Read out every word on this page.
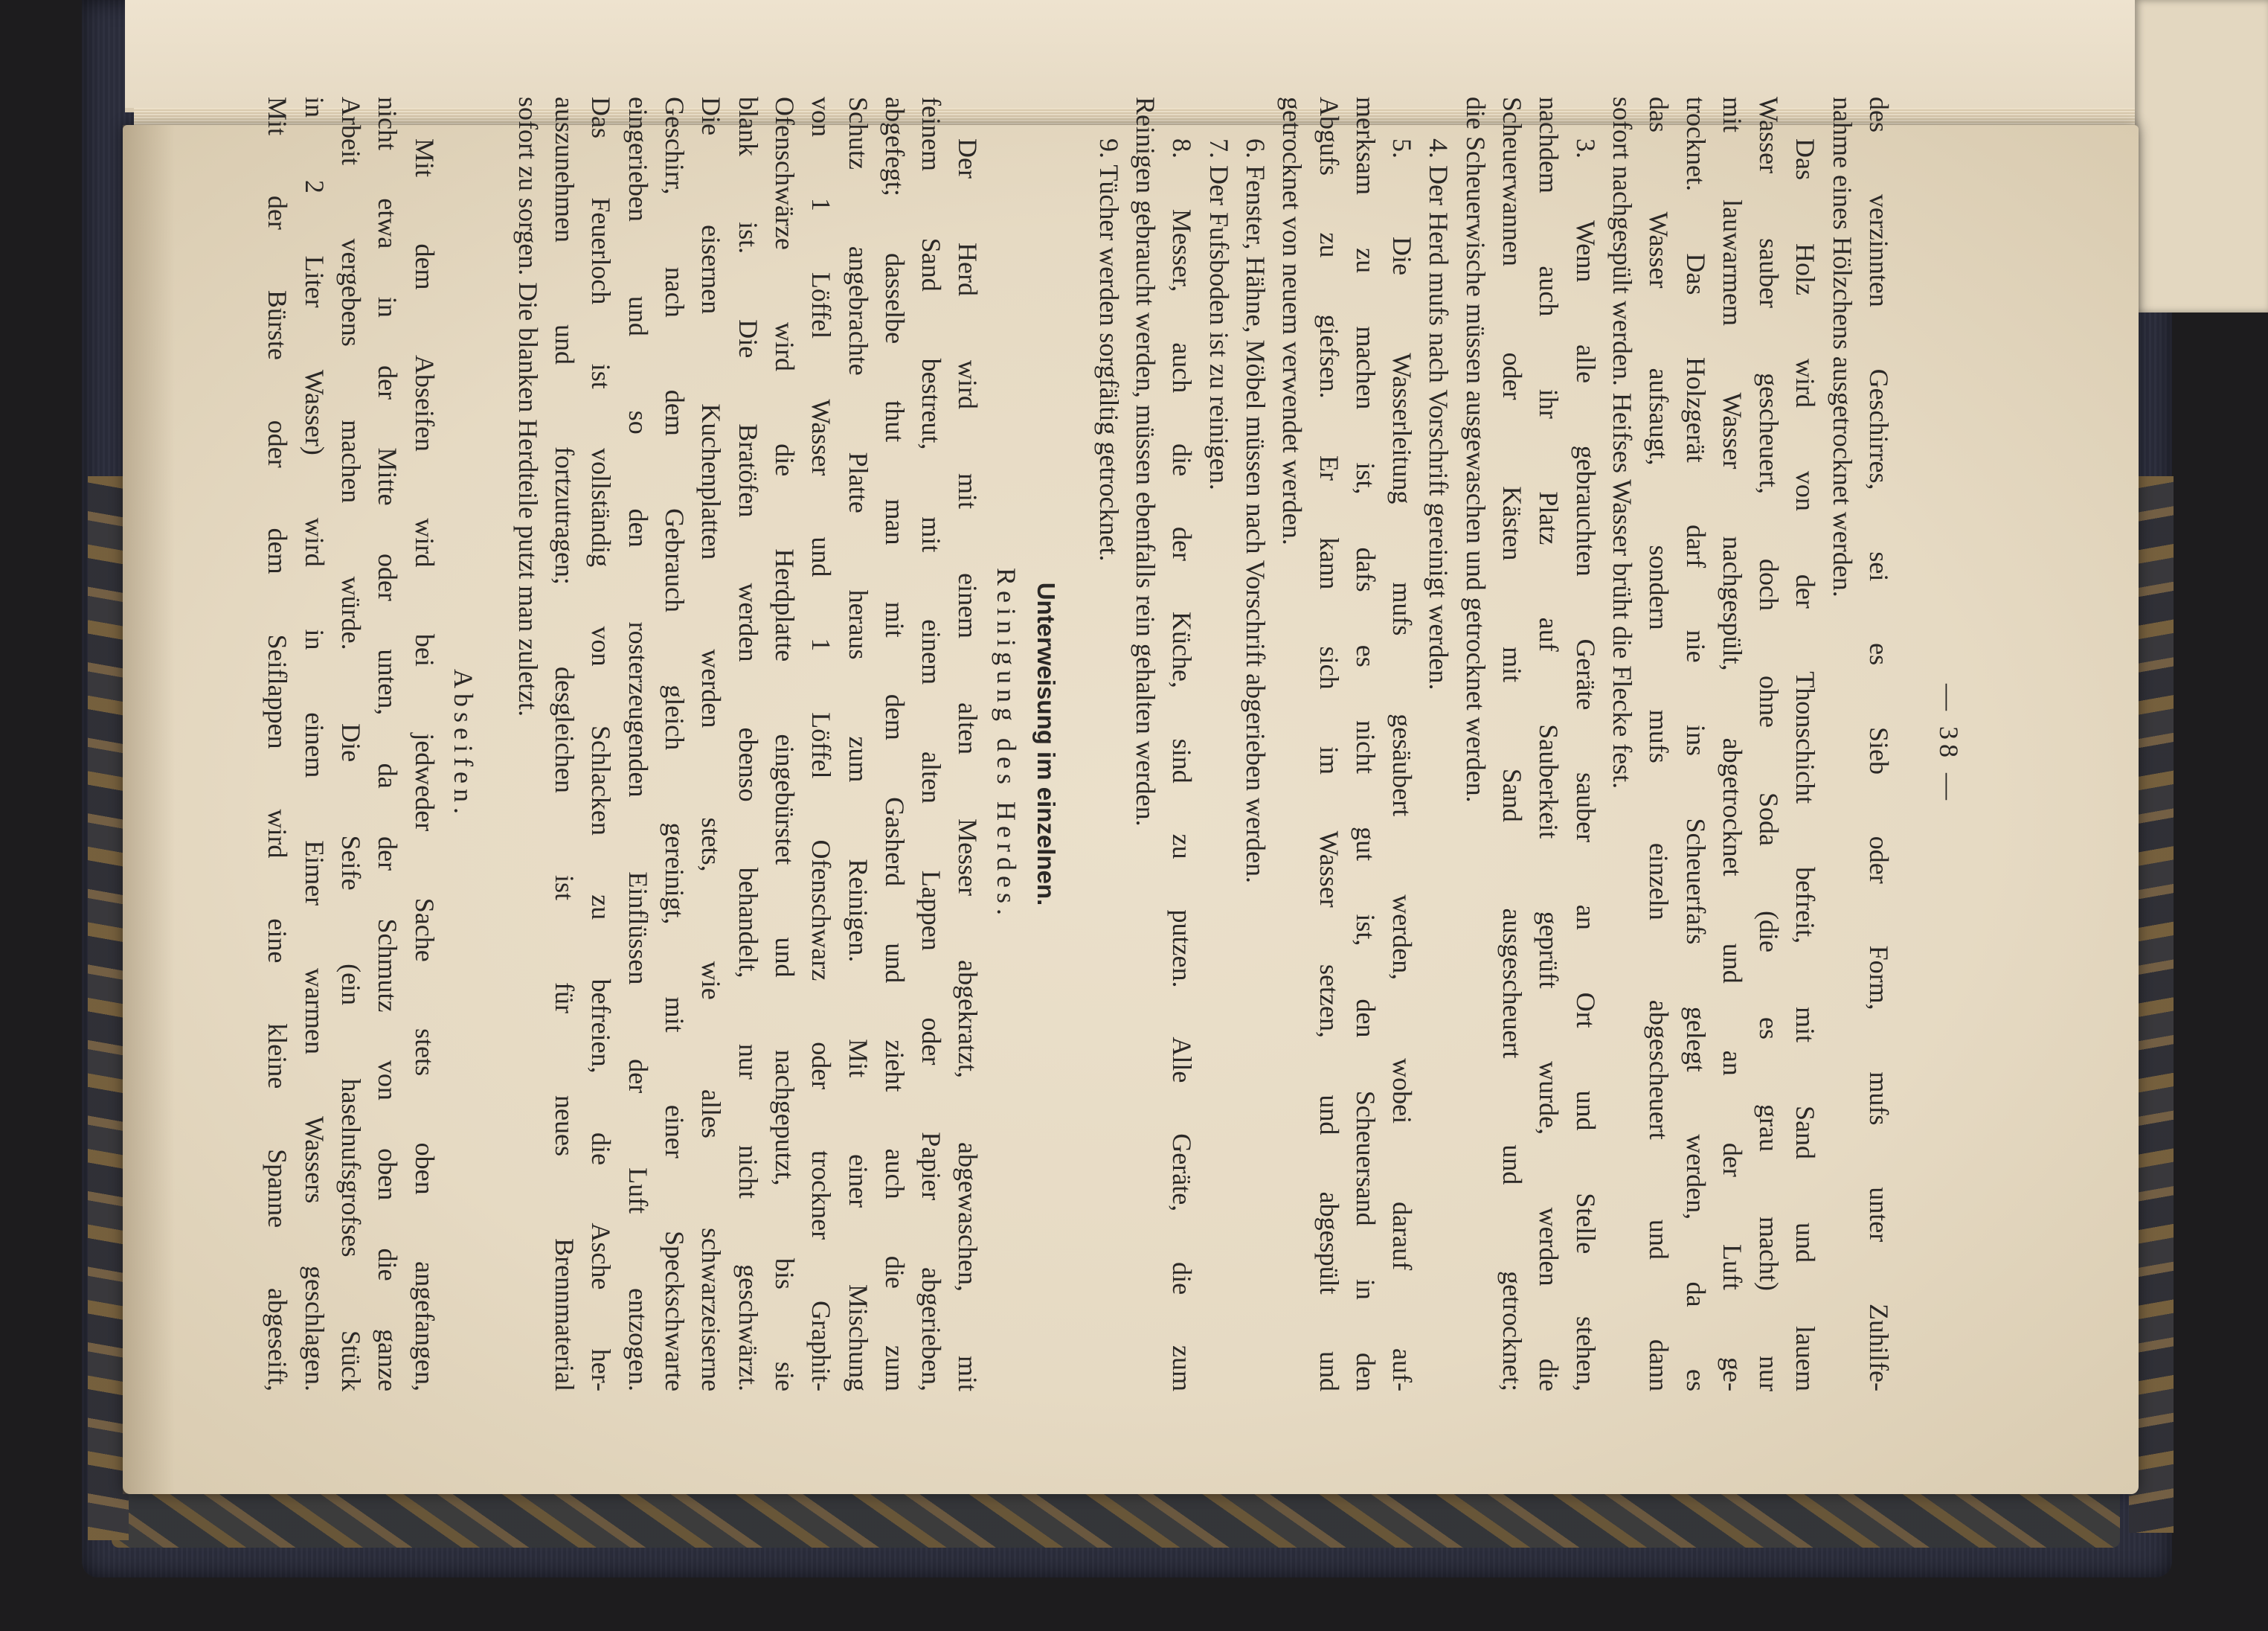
— 38 —
des verzinnten Geschirres, sei es Sieb oder Form, mufs unter Zuhilfe-
nahme eines Hölzchens ausgetrocknet werden.
Das Holz wird von der Thonschicht befreit, mit Sand und lauem
Wasser sauber gescheuert, doch ohne Soda (die es grau macht) nur
mit lauwarmem Wasser nachgespült, abgetrocknet und an der Luft ge-
trocknet. Das Holzgerät darf nie ins Scheuerfafs gelegt werden, da es
das Wasser aufsaugt, sondern mufs einzeln abgescheuert und dann
sofort nachgespült werden. Heifses Wasser brüht die Flecke fest.
3. Wenn alle gebrauchten Geräte sauber an Ort und Stelle stehen,
nachdem auch ihr Platz auf Sauberkeit geprüft wurde, werden die
Scheuerwannen oder Kästen mit Sand ausgescheuert und getrocknet;
die Scheuerwische müssen ausgewaschen und getrocknet werden.
4. Der Herd mufs nach Vorschrift gereinigt werden.
5. Die Wasserleitung mufs gesäubert werden, wobei darauf auf-
merksam zu machen ist, dafs es nicht gut ist, den Scheuersand in den
Abgufs zu giefsen. Er kann sich im Wasser setzen, und abgespült und
getrocknet von neuem verwendet werden.
6. Fenster, Hähne, Möbel müssen nach Vorschrift abgerieben werden.
7. Der Fufsboden ist zu reinigen.
8. Messer, auch die der Küche, sind zu putzen. Alle Geräte, die zum
Reinigen gebraucht werden, müssen ebenfalls rein gehalten werden.
9. Tücher werden sorgfältig getrocknet.
Unterweisung im einzelnen.
Reinigung des Herdes.
Der Herd wird mit einem alten Messer abgekratzt, abgewaschen, mit
feinem Sand bestreut, mit einem alten Lappen oder Papier abgerieben,
abgefegt; dasselbe thut man mit dem Gasherd und zieht auch die zum
Schutz angebrachte Platte heraus zum Reinigen. Mit einer Mischung
von 1 Löffel Wasser und 1 Löffel Ofenschwarz oder trockner Graphit-
Ofenschwärze wird die Herdplatte eingebürstet und nachgeputzt, bis sie
blank ist. Die Bratöfen werden ebenso behandelt, nur nicht geschwärzt.
Die eisernen Kuchenplatten werden stets, wie alles schwarzeiserne
Geschirr, nach dem Gebrauch gleich gereinigt, mit einer Speckschwarte
eingerieben und so den rosterzeugenden Einflüssen der Luft entzogen.
Das Feuerloch ist vollständig von Schlacken zu befreien, die Asche her-
auszunehmen und fortzutragen; desgleichen ist für neues Brennmaterial
sofort zu sorgen. Die blanken Herdteile putzt man zuletzt.
Abseifen.
Mit dem Abseifen wird bei jedweder Sache stets oben angefangen,
nicht etwa in der Mitte oder unten, da der Schmutz von oben die ganze
Arbeit vergebens machen würde. Die Seife (ein haselnufsgrofses Stück
in 2 Liter Wasser) wird in einem Eimer warmen Wassers geschlagen.
Mit der Bürste oder dem Seiflappen wird eine kleine Spanne abgeseift,
